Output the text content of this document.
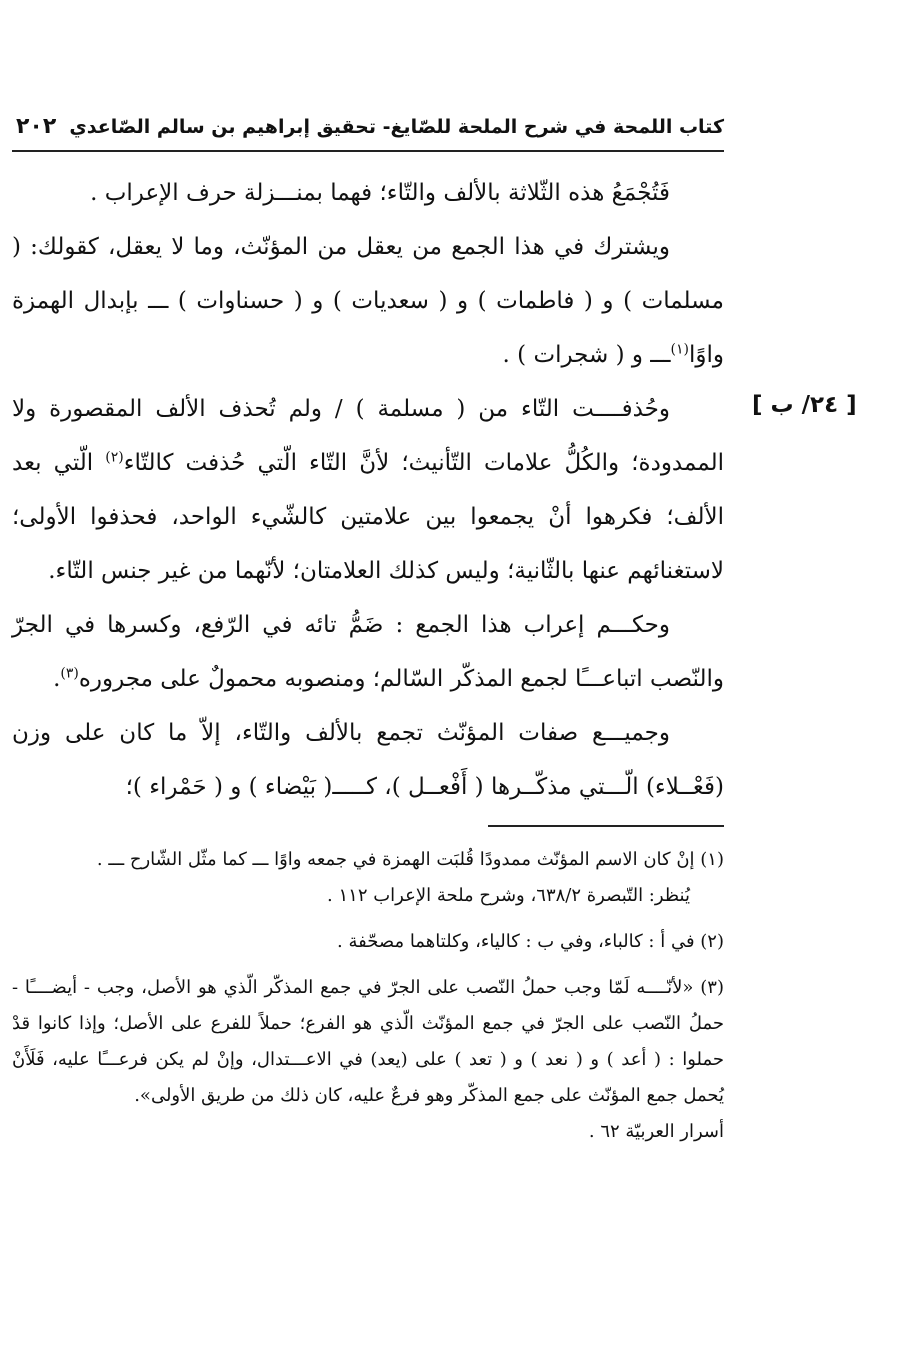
كتاب اللمحة في شرح الملحة للصّايغ- تحقيق إبراهيم بن سالم الصّاعدي
٢٠٢
[ ٢٤/ ب ]

فَتُجْمَعُ هذه الثّلاثة بالألف والتّاء؛ فهما بمنـــزلة حرف الإعراب .

ويشترك في هذا الجمع من يعقل من المؤنّث، وما لا يعقل، كقولك: ( مسلمات ) و ( فاطمات ) و ( سعديات ) و ( حسناوات ) ـــ بإبدال الهمزة واوًا$^{(١)}$ـــ و ( شجرات ) .

وحُذفــــت التّاء من ( مسلمة ) / ولم تُحذف الألف المقصورة ولا الممدودة؛ والكُلُّ علامات التّأنيث؛ لأنَّ التّاء الّتي حُذفت كالتّاء$^{(٢)}$ الّتي بعد الألف؛ فكرهوا أنْ يجمعوا بين علامتين كالشّيء الواحد، فحذفوا الأولى؛ لاستغنائهم عنها بالثّانية؛ وليس كذلك العلامتان؛ لأنّهما من غير جنس التّاء.

وحكـــم إعراب هذا الجمع : ضَمُّ تائه في الرّفع، وكسرها في الجرّ والنّصب اتباعـــًا لجمع المذكّر السّالم؛ ومنصوبه محمولٌ على مجروره$^{(٣)}$.

وجميـــع صفات المؤنّث تجمع بالألف والتّاء، إلاّ ما كان على وزن (فَعْــلاء) الّـــتي مذكّــرها ( أَفْعــل )، كـــــ( بَيْضاء ) و ( حَمْراء )؛

(١) إنْ كان الاسم المؤنّث ممدودًا قُلبَت الهمزة في جمعه واوًا ـــ كما مثّل الشّارح ـــ .

يُنظر: التّبصرة ٦٣٨/٢، وشرح ملحة الإعراب ١١٢ .

(٢) في أ : كالباء، وفي ب : كالياء، وكلتاهما مصحّفة .

(٣) «لأنّــــه لَمّا وجب حملُ النّصب على الجرّ في جمع المذكّر الّذي هو الأصل، وجب - أيضــــًا - حملُ النّصب على الجرّ في جمع المؤنّث الّذي هو الفرع؛ حملاً للفرع على الأصل؛ وإذا كانوا قدْ حملوا : ( أعد ) و ( نعد ) و ( تعد ) على (يعد) في الاعـــتدال، وإنْ لم يكن فرعـــًا عليه، فَلَأَنْ يُحمل جمع المؤنّث على جمع المذكّر وهو فرعٌ عليه، كان ذلك من طريق الأولى».

أسرار العربيّة ٦٢ .
